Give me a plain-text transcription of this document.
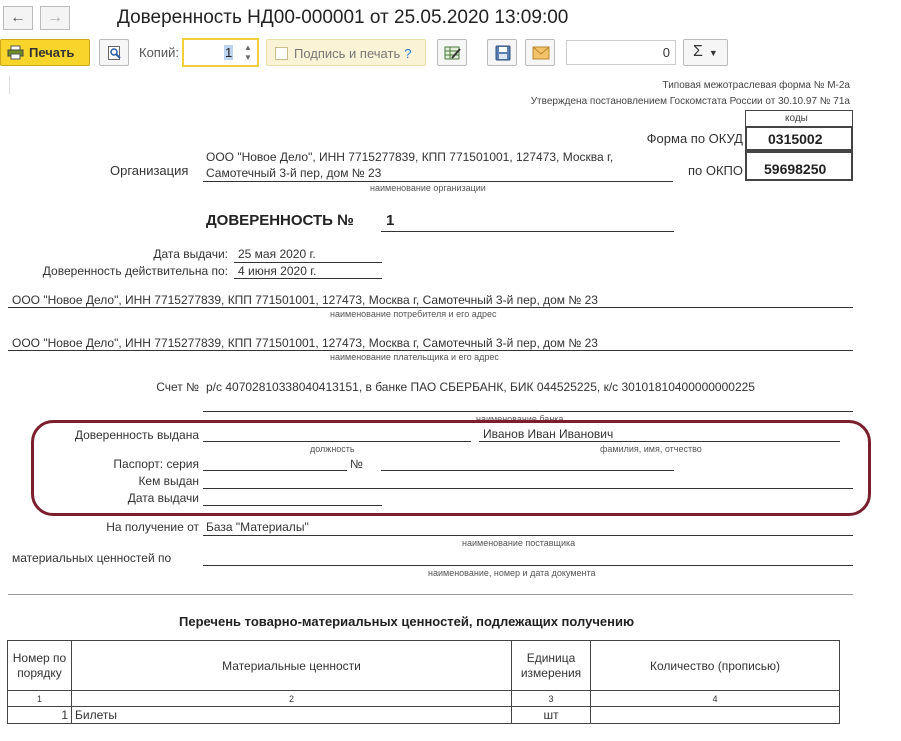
←	→	Доверенность НД00-000001 от 25.05.2020 13:09:00
Печать	Копий:	1	▲
▼	Подпись и печать ?	0	Σ ▼
Типовая межотраслевая форма № М-2а
Утверждена постановлением Госкомстата России от 30.10.97 № 71а
коды
0315002
59698250
Форма по ОКУД
по ОКПО
Организация
ООО "Новое Дело", ИНН 7715277839, КПП 771501001, 127473, Москва г,
Самотечный 3-й пер, дом № 23
наименование организации
ДОВЕРЕННОСТЬ № 1
Дата выдачи: 25 мая 2020 г.
Доверенность действительна по: 4 июня 2020 г.
ООО "Новое Дело", ИНН 7715277839, КПП 771501001, 127473, Москва г, Самотечный 3-й пер, дом № 23
наименование потребителя и его адрес
ООО "Новое Дело", ИНН 7715277839, КПП 771501001, 127473, Москва г, Самотечный 3-й пер, дом № 23
наименование плательщика и его адрес
Счет № р/с 40702810338040413151, в банке ПАО СБЕРБАНК, БИК 044525225, к/с 30101810400000000225
наименование банка
Доверенность выдана
должность
Иванов Иван Иванович
фамилия, имя, отчество
Паспорт: серия	№
Кем выдан
Дата выдачи
На получение от База "Материалы"
наименование поставщика
материальных ценностей по
наименование, номер и дата документа
Перечень товарно-материальных ценностей, подлежащих получению
Номер по порядку	Материальные ценности	Единица измерения	Количество (прописью)
1	2	3	4
1	Билеты	шт	
